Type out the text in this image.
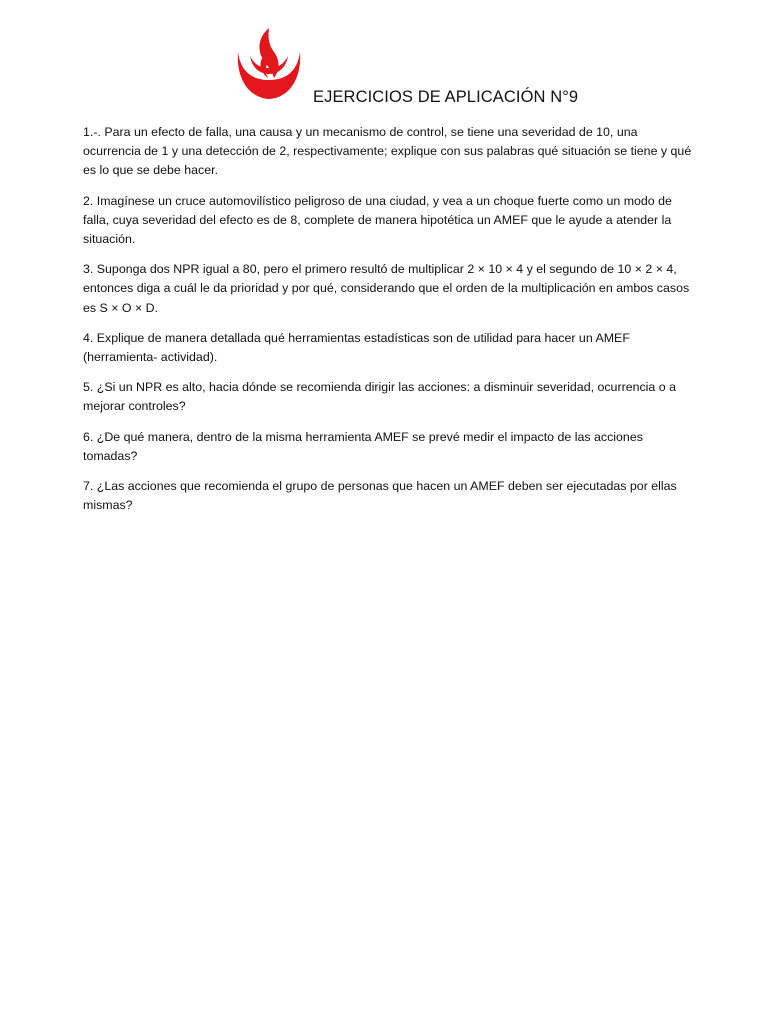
EJERCICIOS DE APLICACIÓN N°9
1.-. Para un efecto de falla, una causa y un mecanismo de control, se tiene una severidad de 10, una ocurrencia de 1 y una detección de 2, respectivamente; explique con sus palabras qué situación se tiene y qué es lo que se debe hacer.
2. Imagínese un cruce automovilístico peligroso de una ciudad, y vea a un choque fuerte como un modo de falla, cuya severidad del efecto es de 8, complete de manera hipotética un AMEF que le ayude a atender la situación.
3. Suponga dos NPR igual a 80, pero el primero resultó de multiplicar 2 × 10 × 4 y el segundo de 10 × 2 × 4, entonces diga a cuál le da prioridad y por qué, considerando que el orden de la multiplicación en ambos casos es S × O × D.
4. Explique de manera detallada qué herramientas estadísticas son de utilidad para hacer un AMEF (herramienta- actividad).
5. ¿Si un NPR es alto, hacia dónde se recomienda dirigir las acciones: a disminuir severidad, ocurrencia o a mejorar controles?
6. ¿De qué manera, dentro de la misma herramienta AMEF se prevé medir el impacto de las acciones tomadas?
7. ¿Las acciones que recomienda el grupo de personas que hacen un AMEF deben ser ejecutadas por ellas mismas?
